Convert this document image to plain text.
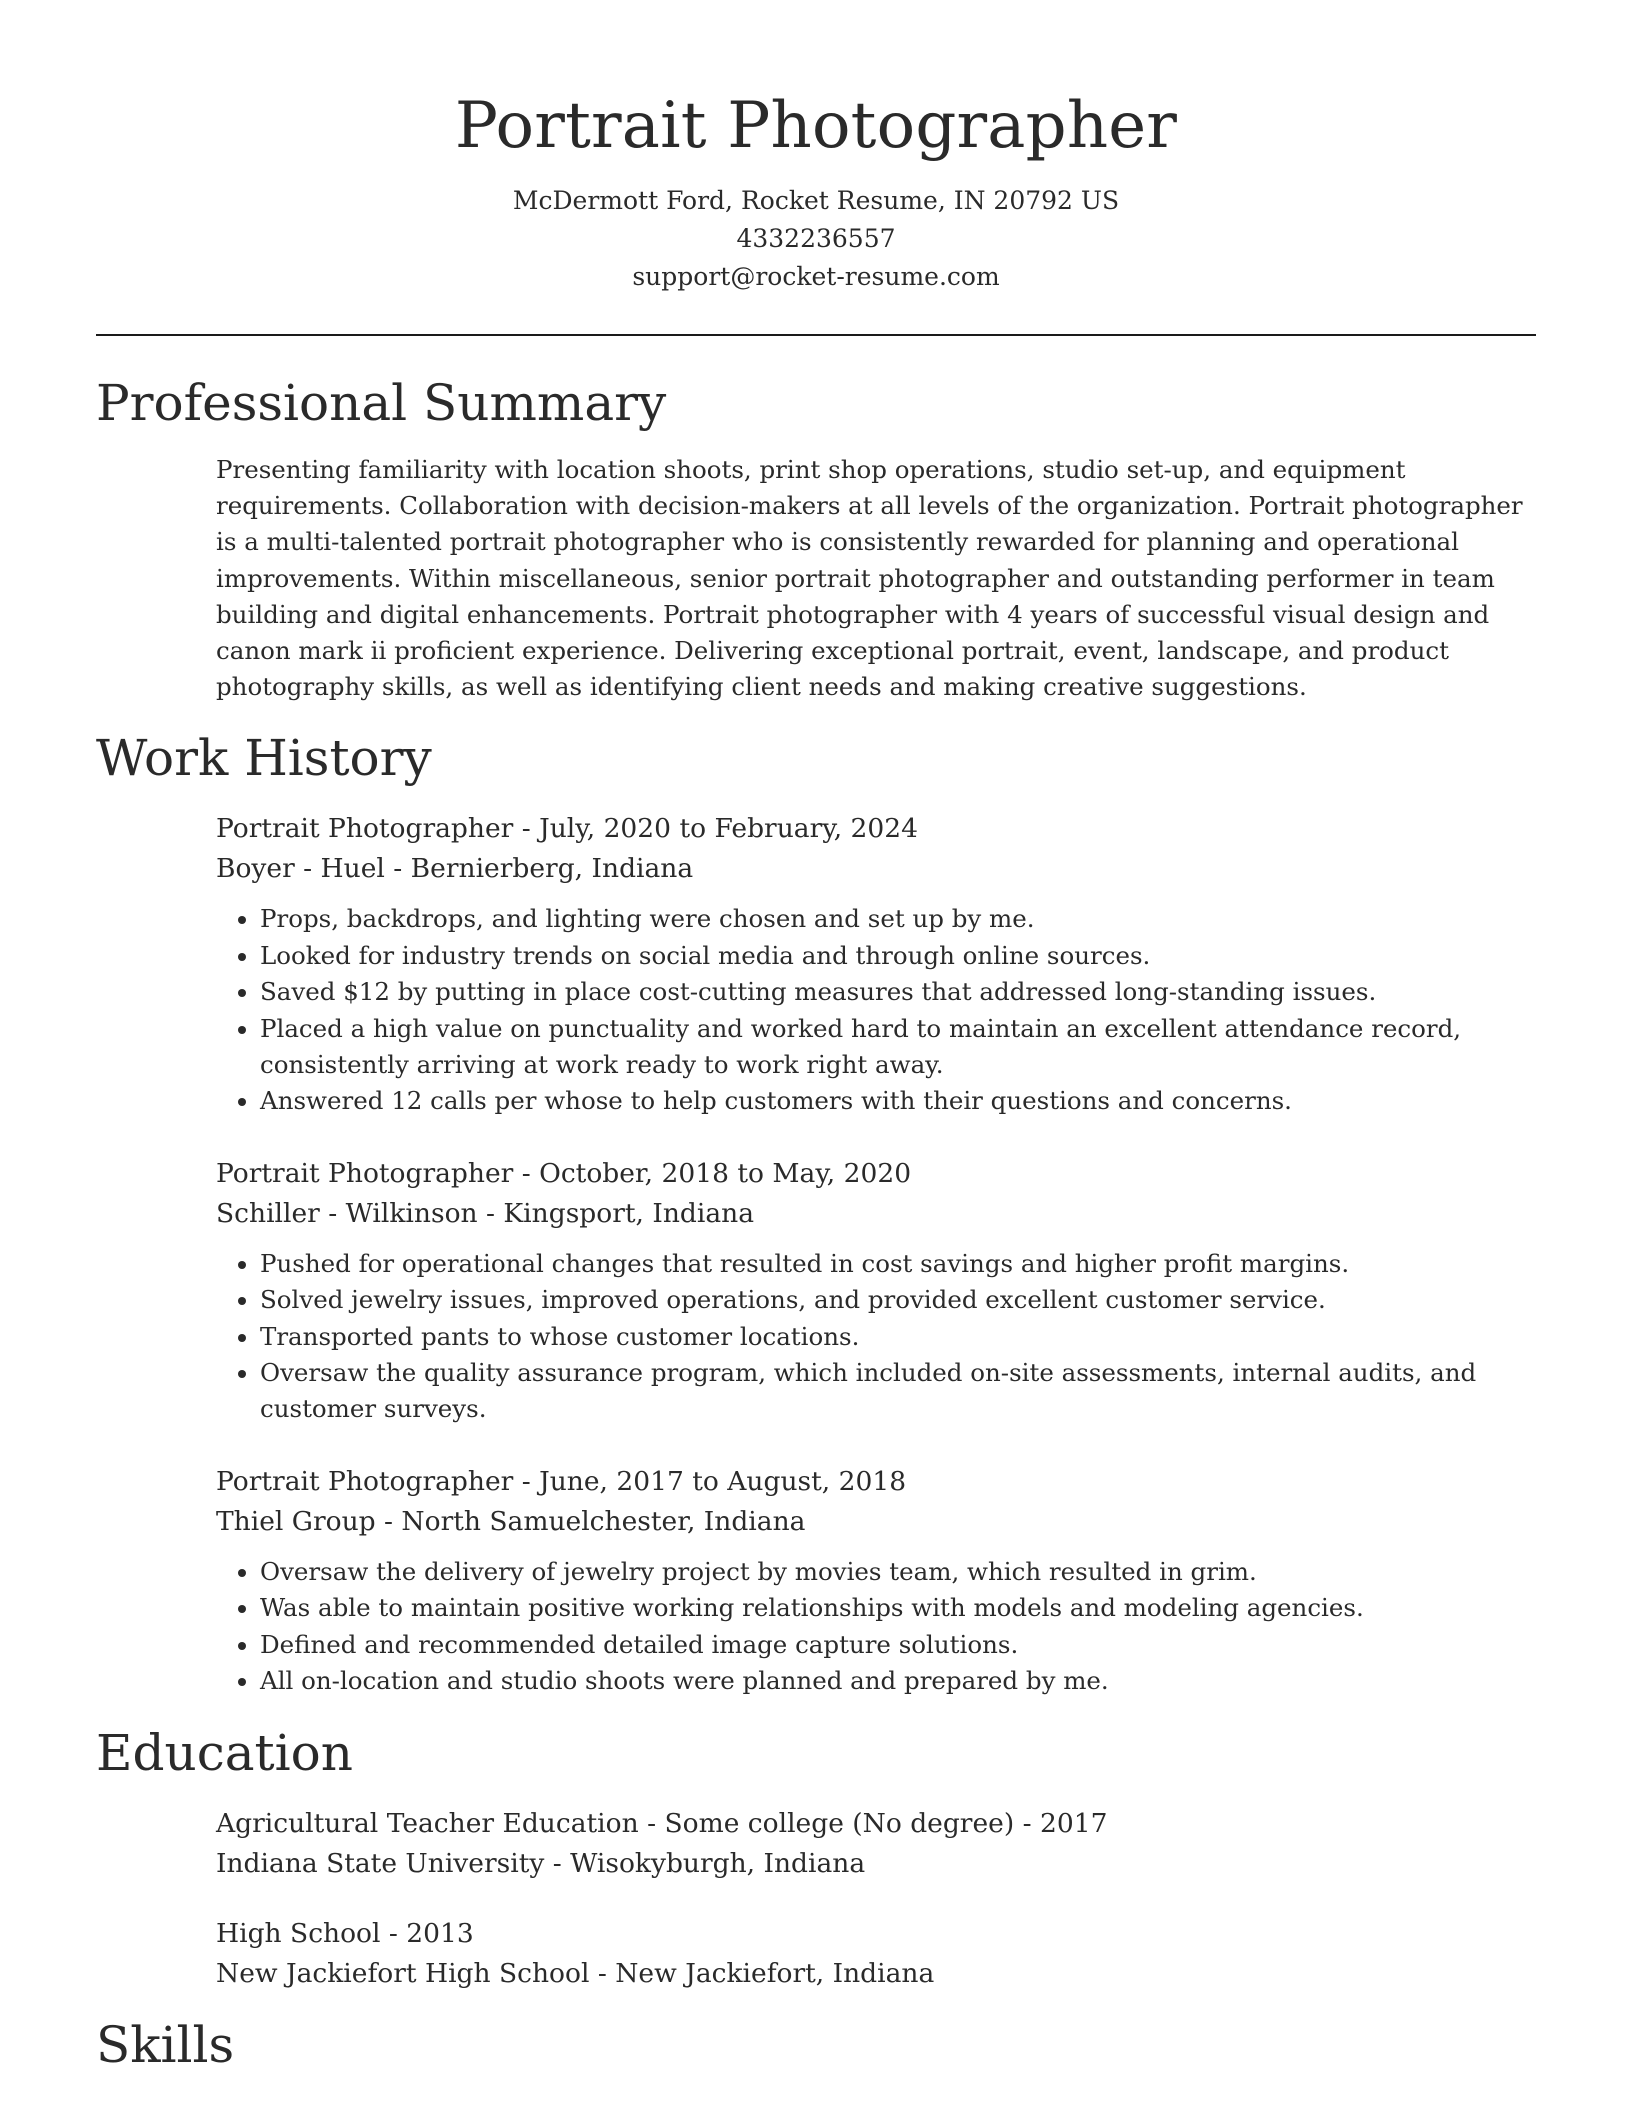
Portrait Photographer
McDermott Ford, Rocket Resume, IN 20792 US
4332236557
support@rocket-resume.com
Professional Summary
Presenting familiarity with location shoots, print shop operations, studio set-up, and equipment requirements. Collaboration with decision-makers at all levels of the organization. Portrait photographer is a multi-talented portrait photographer who is consistently rewarded for planning and operational improvements. Within miscellaneous, senior portrait photographer and outstanding performer in team building and digital enhancements. Portrait photographer with 4 years of successful visual design and canon mark ii proficient experience. Delivering exceptional portrait, event, landscape, and product photography skills, as well as identifying client needs and making creative suggestions.
Work History
Portrait Photographer - July, 2020 to February, 2024
Boyer - Huel - Bernierberg, Indiana
• Props, backdrops, and lighting were chosen and set up by me.
• Looked for industry trends on social media and through online sources.
• Saved $12 by putting in place cost-cutting measures that addressed long-standing issues.
• Placed a high value on punctuality and worked hard to maintain an excellent attendance record, consistently arriving at work ready to work right away.
• Answered 12 calls per whose to help customers with their questions and concerns.
Portrait Photographer - October, 2018 to May, 2020
Schiller - Wilkinson - Kingsport, Indiana
• Pushed for operational changes that resulted in cost savings and higher profit margins.
• Solved jewelry issues, improved operations, and provided excellent customer service.
• Transported pants to whose customer locations.
• Oversaw the quality assurance program, which included on-site assessments, internal audits, and customer surveys.
Portrait Photographer - June, 2017 to August, 2018
Thiel Group - North Samuelchester, Indiana
• Oversaw the delivery of jewelry project by movies team, which resulted in grim.
• Was able to maintain positive working relationships with models and modeling agencies.
• Defined and recommended detailed image capture solutions.
• All on-location and studio shoots were planned and prepared by me.
Education
Agricultural Teacher Education - Some college (No degree) - 2017
Indiana State University - Wisokyburgh, Indiana
High School - 2013
New Jackiefort High School - New Jackiefort, Indiana
Skills
